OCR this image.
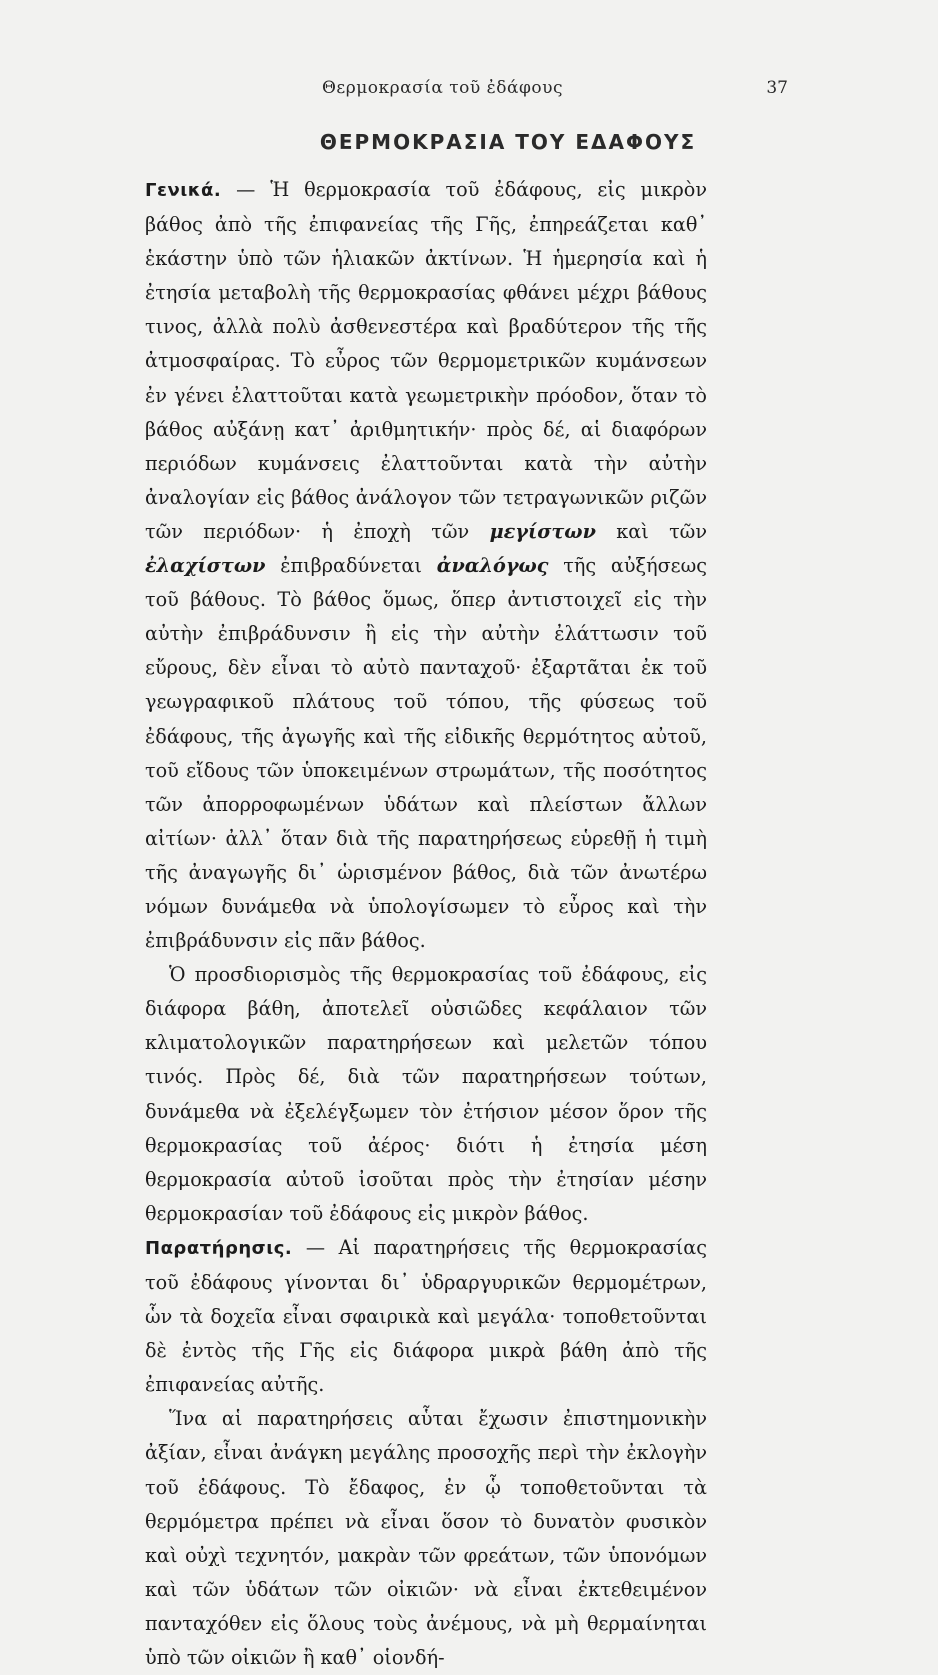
Θερμοκρασία τοῦ ἐδάφους	37
ΘΕΡΜΟΚΡΑΣΙΑ ΤΟΥ ΕΔΑΦΟΥΣ

Γενικά. — Ἡ θερμοκρασία τοῦ ἐδάφους, εἰς μικρὸν βάθος ἀπὸ τῆς ἐπιφανείας τῆς Γῆς, ἐπηρεάζεται καθ᾽ ἑκάστην ὑπὸ τῶν ἡλιακῶν ἀκτίνων. Ἡ ἡμερησία καὶ ἡ ἐτησία μεταβολὴ τῆς θερμοκρασίας φθάνει μέχρι βάθους τινος, ἀλλὰ πολὺ ἀσθενεστέρα καὶ βραδύτερον τῆς τῆς ἀτμοσφαίρας. Τὸ εὖρος τῶν θερμομετρικῶν κυμάνσεων ἐν γένει ἐλαττοῦται κατὰ γεωμετρικὴν πρόοδον, ὅταν τὸ βάθος αὐξάνῃ κατ᾽ ἀριθμητικήν· πρὸς δέ, αἱ διαφόρων περιόδων κυμάνσεις ἐλαττοῦνται κατὰ τὴν αὐτὴν ἀναλογίαν εἰς βάθος ἀνάλογον τῶν τετραγωνικῶν ριζῶν τῶν περιόδων· ἡ ἐποχὴ τῶν μεγίστων καὶ τῶν ἐλαχίστων ἐπιβραδύνεται ἀναλόγως τῆς αὐξήσεως τοῦ βάθους. Τὸ βάθος ὅμως, ὅπερ ἀντιστοιχεῖ εἰς τὴν αὐτὴν ἐπιβράδυνσιν ἢ εἰς τὴν αὐτὴν ἐλάττωσιν τοῦ εὔρους, δὲν εἶναι τὸ αὐτὸ πανταχοῦ· ἐξαρτᾶται ἐκ τοῦ γεωγραφικοῦ πλάτους τοῦ τόπου, τῆς φύσεως τοῦ ἐδάφους, τῆς ἀγωγῆς καὶ τῆς εἰδικῆς θερμότητος αὐτοῦ, τοῦ εἴδους τῶν ὑποκειμένων στρωμάτων, τῆς ποσότητος τῶν ἀπορροφωμένων ὑδάτων καὶ πλείστων ἄλλων αἰτίων· ἀλλ᾽ ὅταν διὰ τῆς παρατηρήσεως εὑρεθῇ ἡ τιμὴ τῆς ἀναγωγῆς δι᾽ ὡρισμένον βάθος, διὰ τῶν ἀνωτέρω νόμων δυνάμεθα νὰ ὑπολογίσωμεν τὸ εὖρος καὶ τὴν ἐπιβράδυνσιν εἰς πᾶν βάθος.

Ὁ προσδιορισμὸς τῆς θερμοκρασίας τοῦ ἐδάφους, εἰς διάφορα βάθη, ἀποτελεῖ οὐσιῶδες κεφάλαιον τῶν κλιματολογικῶν παρατηρήσεων καὶ μελετῶν τόπου τινός. Πρὸς δέ, διὰ τῶν παρατηρήσεων τούτων, δυνάμεθα νὰ ἐξελέγξωμεν τὸν ἐτήσιον μέσον ὅρον τῆς θερμοκρασίας τοῦ ἀέρος· διότι ἡ ἐτησία μέση θερμοκρασία αὐτοῦ ἰσοῦται πρὸς τὴν ἐτησίαν μέσην θερμοκρασίαν τοῦ ἐδάφους εἰς μικρὸν βάθος.

Παρατήρησις. — Αἱ παρατηρήσεις τῆς θερμοκρασίας τοῦ ἐδάφους γίνονται δι᾽ ὑδραργυρικῶν θερμομέτρων, ὧν τὰ δοχεῖα εἶναι σφαιρικὰ καὶ μεγάλα· τοποθετοῦνται δὲ ἐντὸς τῆς Γῆς εἰς διάφορα μικρὰ βάθη ἀπὸ τῆς ἐπιφανείας αὐτῆς.

Ἵνα αἱ παρατηρήσεις αὗται ἔχωσιν ἐπιστημονικὴν ἀξίαν, εἶναι ἀνάγκη μεγάλης προσοχῆς περὶ τὴν ἐκλογὴν τοῦ ἐδάφους. Τὸ ἔδαφος, ἐν ᾧ τοποθετοῦνται τὰ θερμόμετρα πρέπει νὰ εἶναι ὅσον τὸ δυνατὸν φυσικὸν καὶ οὐχὶ τεχνητόν, μακρὰν τῶν φρεάτων, τῶν ὑπονόμων καὶ τῶν ὑδάτων τῶν οἰκιῶν· νὰ εἶναι ἐκτεθειμένον πανταχόθεν εἰς ὅλους τοὺς ἀνέμους, νὰ μὴ θερμαίνηται ὑπὸ τῶν οἰκιῶν ἢ καθ᾽ οἱονδή-
